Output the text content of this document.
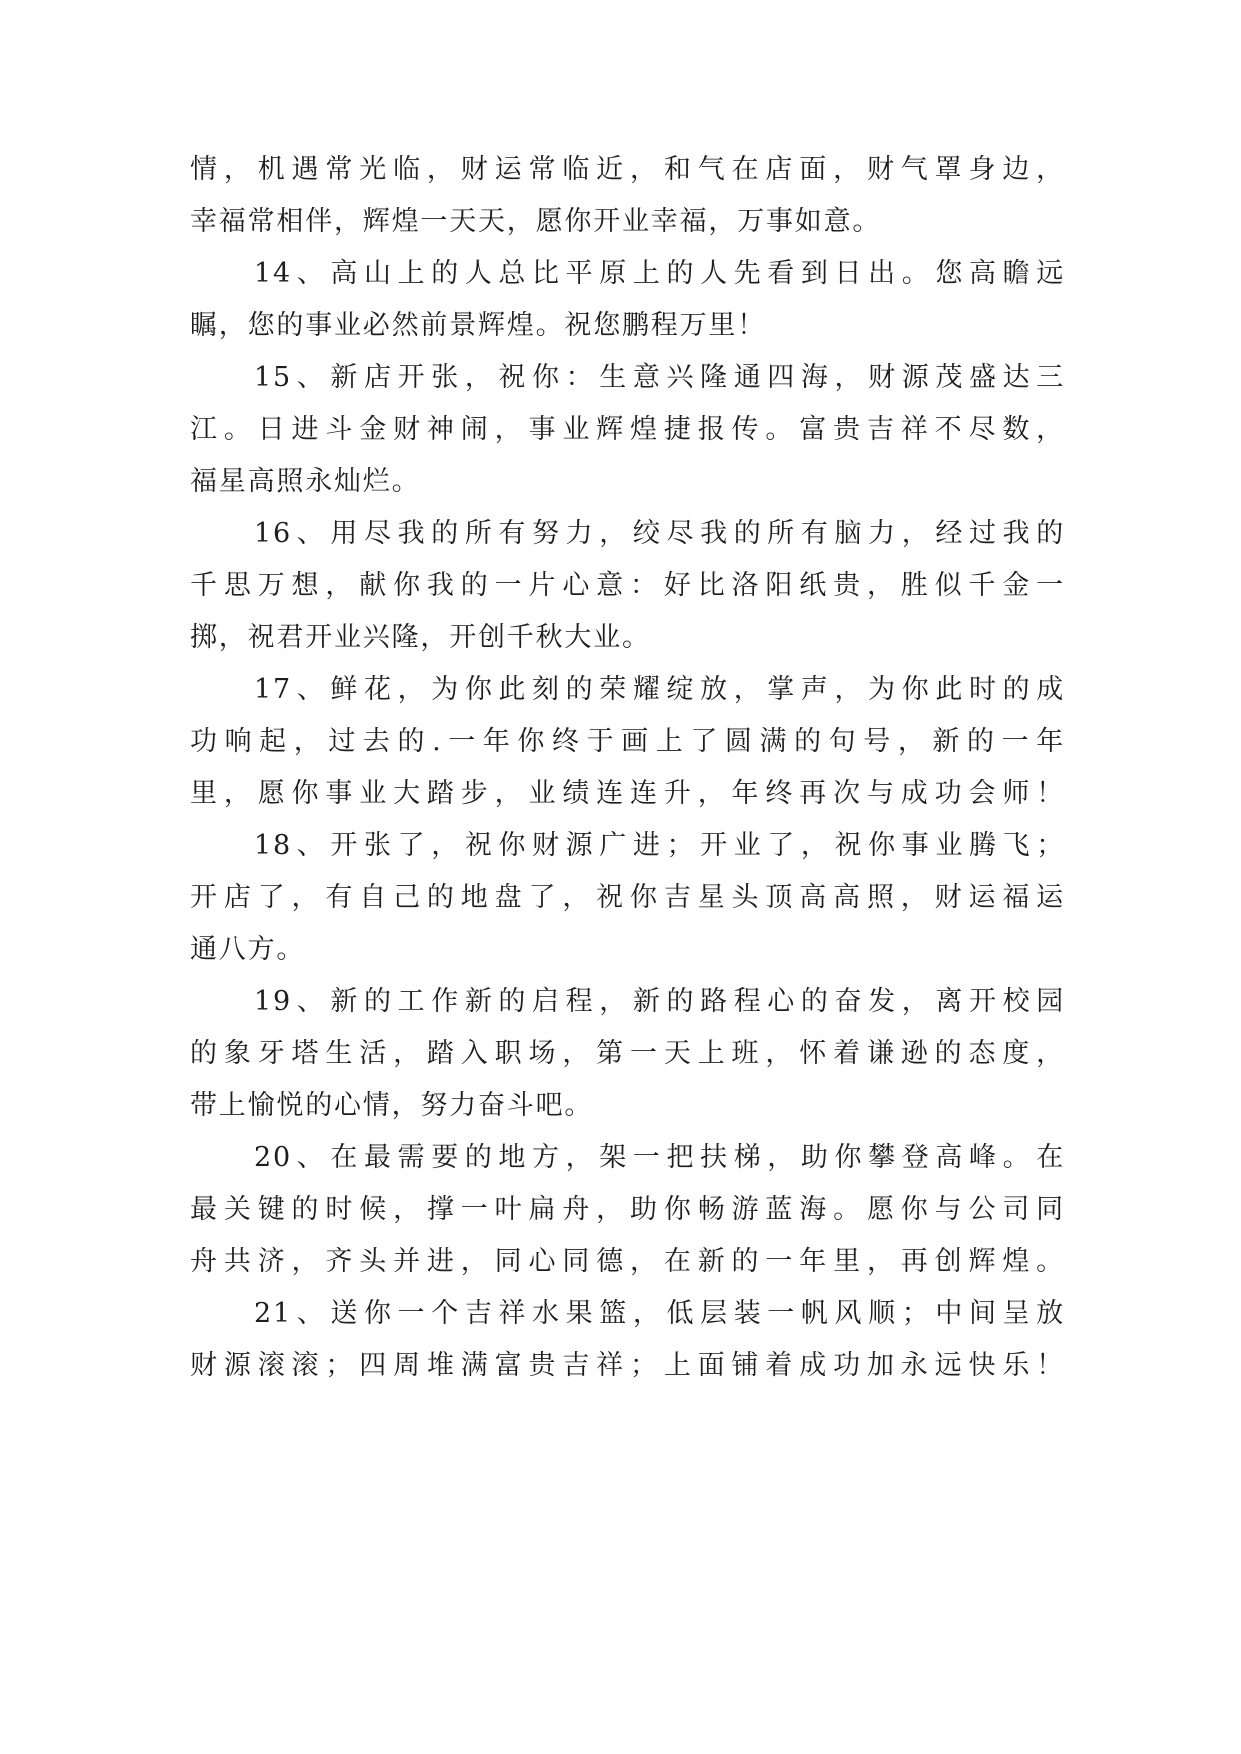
情，机遇常光临，财运常临近，和气在店面，财气罩身边，
幸福常相伴，辉煌一天天，愿你开业幸福，万事如意。
14、高山上的人总比平原上的人先看到日出。您高瞻远
瞩，您的事业必然前景辉煌。祝您鹏程万里！
15、新店开张，祝你：生意兴隆通四海，财源茂盛达三
江。日进斗金财神闹，事业辉煌捷报传。富贵吉祥不尽数，
福星高照永灿烂。
16、用尽我的所有努力，绞尽我的所有脑力，经过我的
千思万想，献你我的一片心意：好比洛阳纸贵，胜似千金一
掷，祝君开业兴隆，开创千秋大业。
17、鲜花，为你此刻的荣耀绽放，掌声，为你此时的成
功响起，过去的.一年你终于画上了圆满的句号，新的一年
里，愿你事业大踏步，业绩连连升，年终再次与成功会师！
18、开张了，祝你财源广进；开业了，祝你事业腾飞；
开店了，有自己的地盘了，祝你吉星头顶高高照，财运福运
通八方。
19、新的工作新的启程，新的路程心的奋发，离开校园
的象牙塔生活，踏入职场，第一天上班，怀着谦逊的态度，
带上愉悦的心情，努力奋斗吧。
20、在最需要的地方，架一把扶梯，助你攀登高峰。在
最关键的时候，撑一叶扁舟，助你畅游蓝海。愿你与公司同
舟共济，齐头并进，同心同德，在新的一年里，再创辉煌。
21、送你一个吉祥水果篮，低层装一帆风顺；中间呈放
财源滚滚；四周堆满富贵吉祥；上面铺着成功加永远快乐！
